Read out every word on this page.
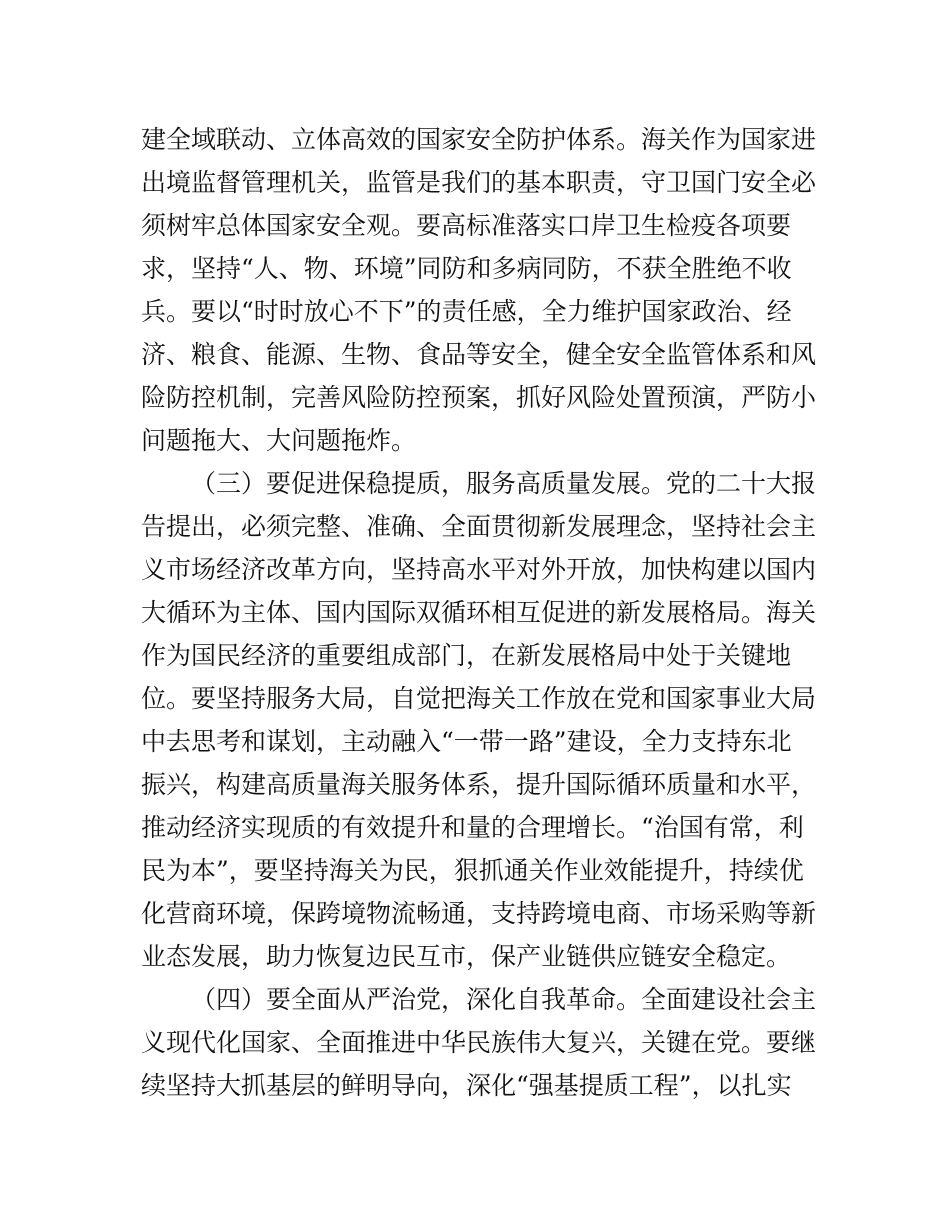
建全域联动、立体高效的国家安全防护体系。海关作为国家进
出境监督管理机关，监管是我们的基本职责，守卫国门安全必
须树牢总体国家安全观。要高标准落实口岸卫生检疫各项要
求，坚持“人、物、环境”同防和多病同防，不获全胜绝不收
兵。要以“时时放心不下”的责任感，全力维护国家政治、经
济、粮食、能源、生物、食品等安全，健全安全监管体系和风
险防控机制，完善风险防控预案，抓好风险处置预演，严防小
问题拖大、大问题拖炸。
（三）要促进保稳提质，服务高质量发展。党的二十大报
告提出，必须完整、准确、全面贯彻新发展理念，坚持社会主
义市场经济改革方向，坚持高水平对外开放，加快构建以国内
大循环为主体、国内国际双循环相互促进的新发展格局。海关
作为国民经济的重要组成部门，在新发展格局中处于关键地
位。要坚持服务大局，自觉把海关工作放在党和国家事业大局
中去思考和谋划，主动融入“一带一路”建设，全力支持东北
振兴，构建高质量海关服务体系，提升国际循环质量和水平，
推动经济实现质的有效提升和量的合理增长。“治国有常，利
民为本”，要坚持海关为民，狠抓通关作业效能提升，持续优
化营商环境，保跨境物流畅通，支持跨境电商、市场采购等新
业态发展，助力恢复边民互市，保产业链供应链安全稳定。
（四）要全面从严治党，深化自我革命。全面建设社会主
义现代化国家、全面推进中华民族伟大复兴，关键在党。要继
续坚持大抓基层的鲜明导向，深化“强基提质工程”，以扎实
